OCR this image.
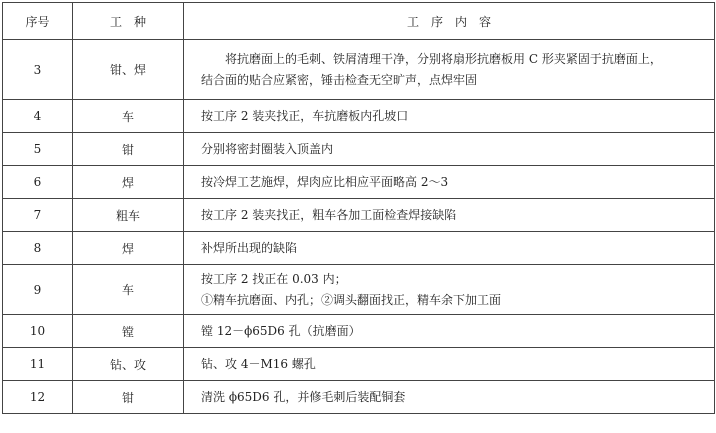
序号	工　种	工　序　内　容
3	钳、焊	将抗磨面上的毛刺、铁屑清理干净，分别将扇形抗磨板用 C 形夹紧固于抗磨面上，
结合面的贴合应紧密，锤击检查无空旷声，点焊牢固

4	车	按工序 2 装夹找正，车抗磨板内孔坡口

5	钳	分别将密封圈装入顶盖内

6	焊	按冷焊工艺施焊，焊肉应比相应平面略高 2～3

7	粗车	按工序 2 装夹找正，粗车各加工面检查焊接缺陷

8	焊	补焊所出现的缺陷

9	车	按工序 2 找正在 0.03 内；
①精车抗磨面、内孔；②调头翻面找正，精车余下加工面

10	镗	镗 12－ϕ65D6 孔（抗磨面）

11	钻、攻	钻、攻 4－M16 螺孔

12	钳	清洗 ϕ65D6 孔，并修毛刺后装配铜套
